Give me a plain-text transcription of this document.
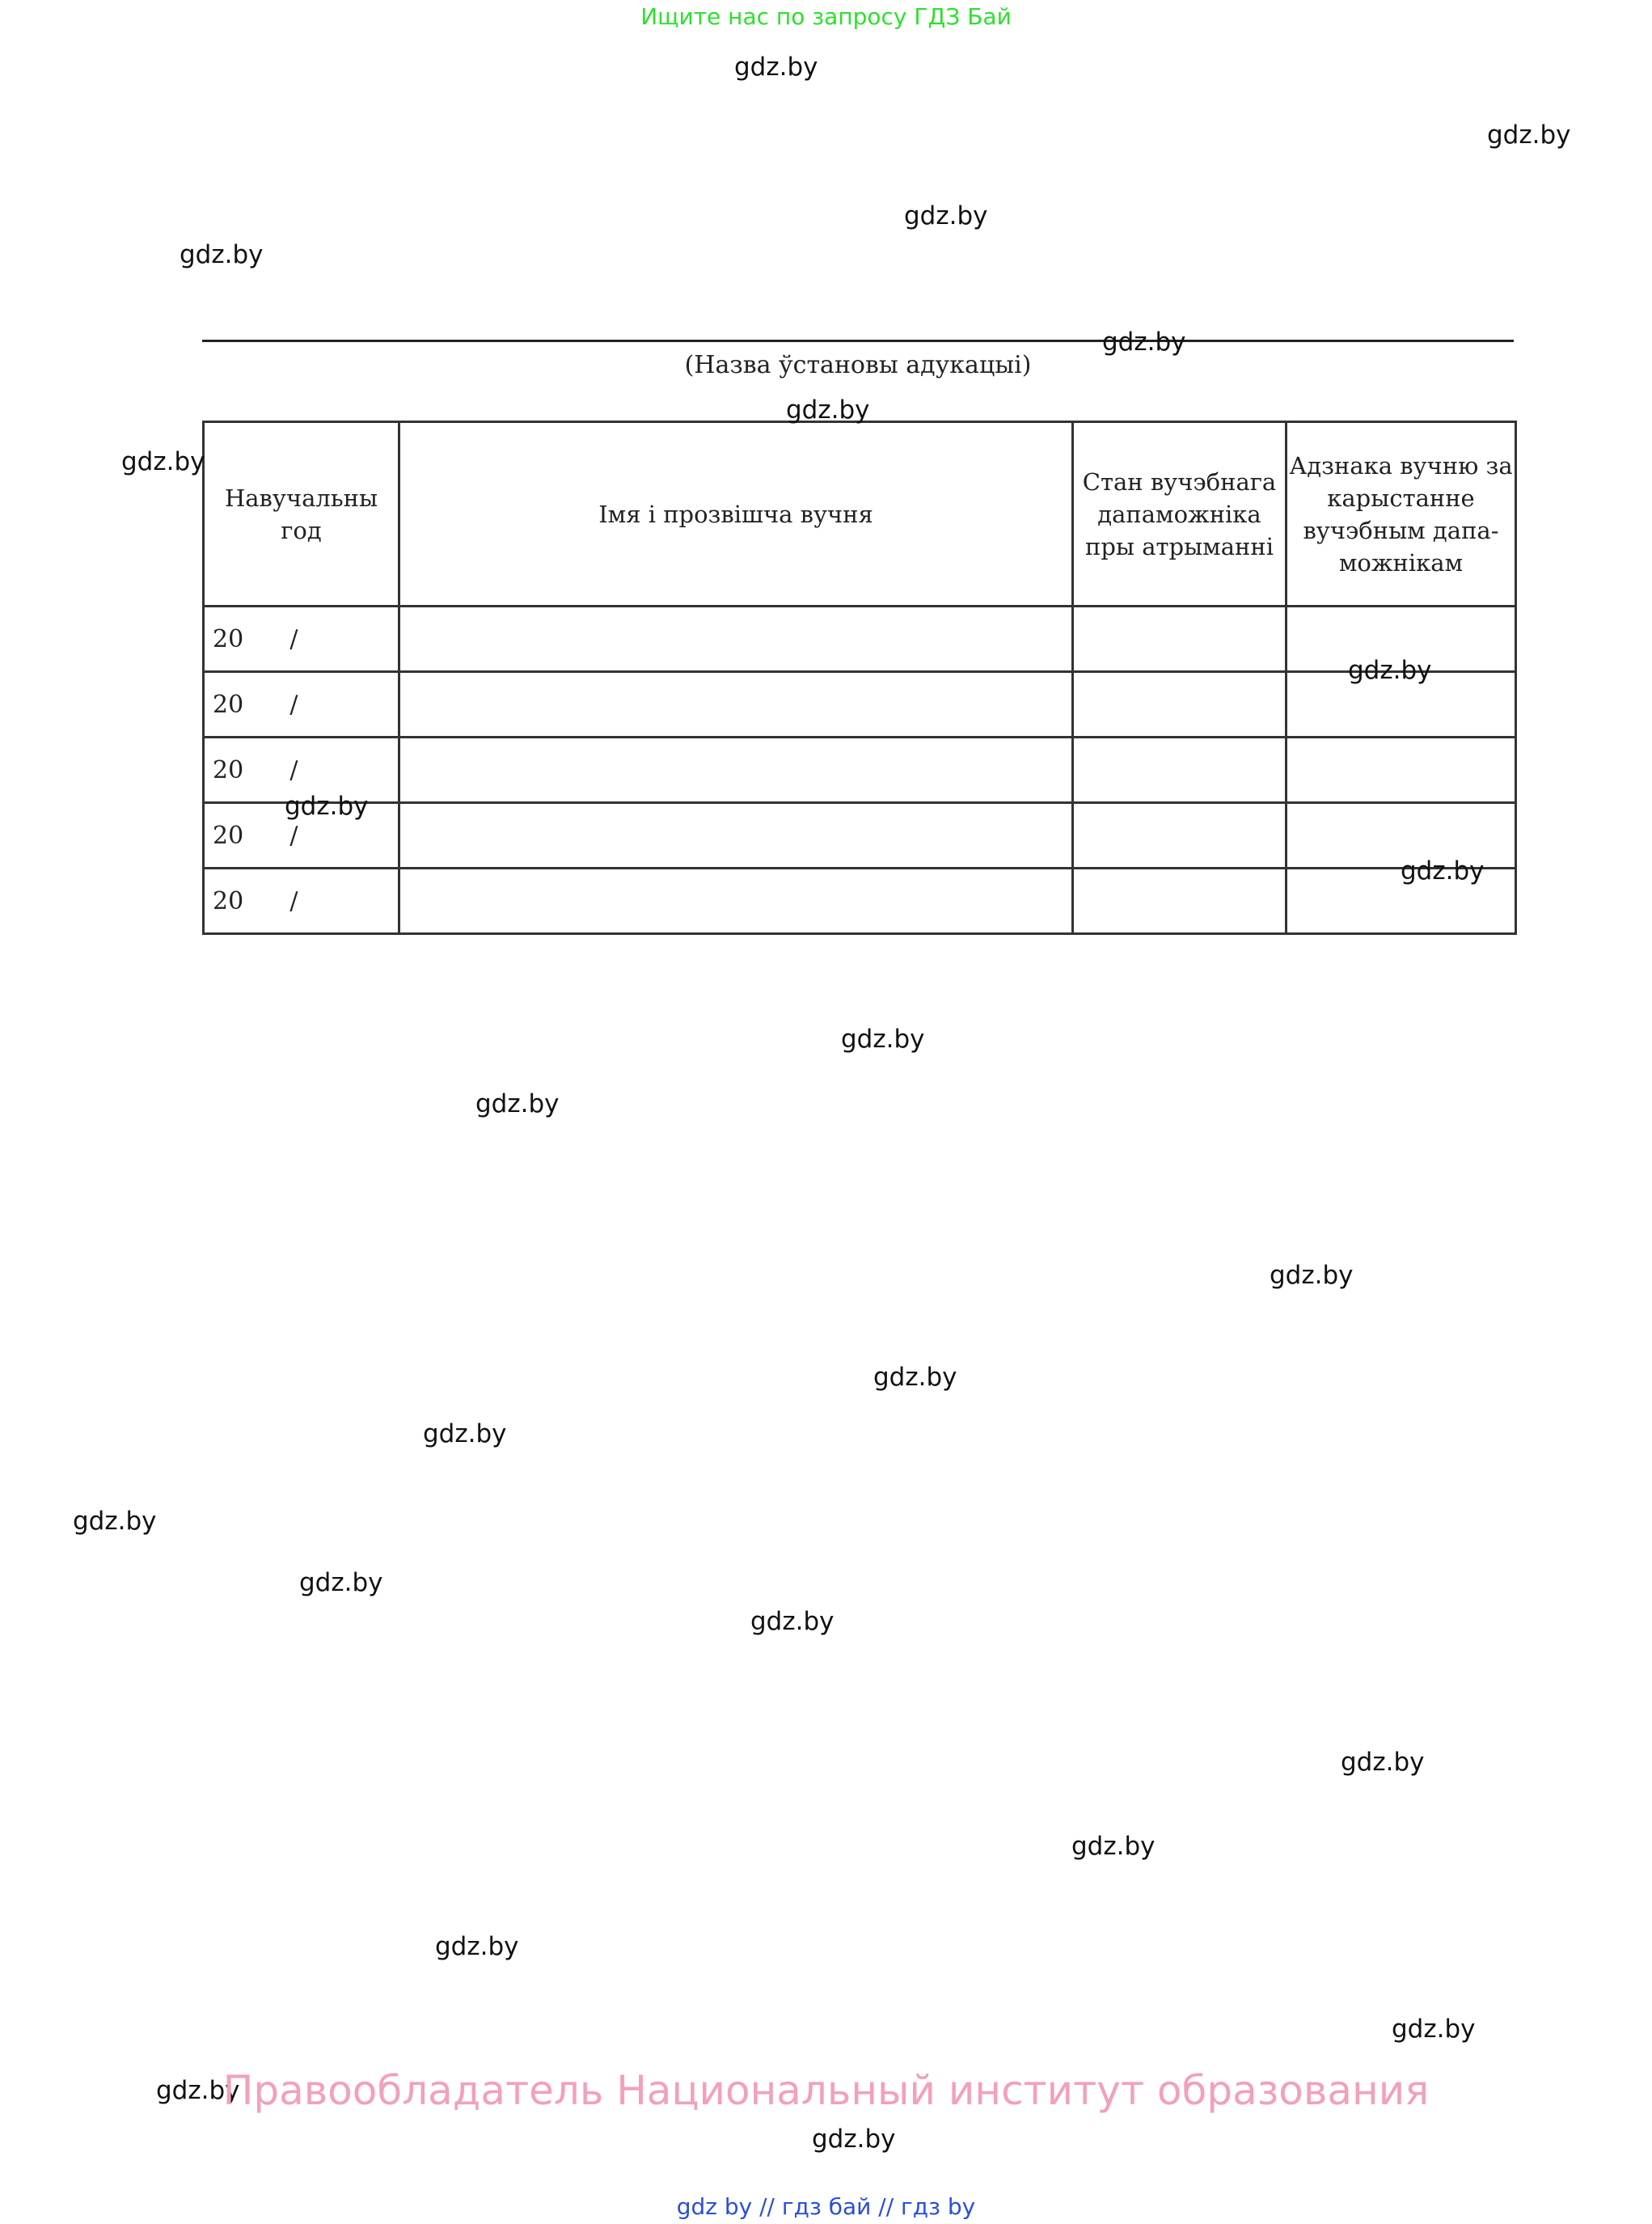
Ищите нас по запросу ГДЗ Бай
(Назва ўстановы адукацыі)
Навучальны год	Імя і прозвішча вучня	Стан вучэбнага дапаможніка пры атрыманні	Адзнака вучню за карыстанне вучэбным дапаможнікам
20      /			
20      /			
20      /			
20      /			
20      /			
gdz.by
gdz.by
gdz.by
gdz.by
gdz.by
gdz.by
gdz.by
gdz.by
gdz.by
gdz.by
gdz.by
gdz.by
gdz.by
gdz.by
gdz.by
gdz.by
gdz.by
gdz.by
gdz.by
gdz.by
gdz.by
gdz.by
gdz.by
gdz.by
Правообладатель Национальный институт образования
gdz by // гдз бай // гдз by
